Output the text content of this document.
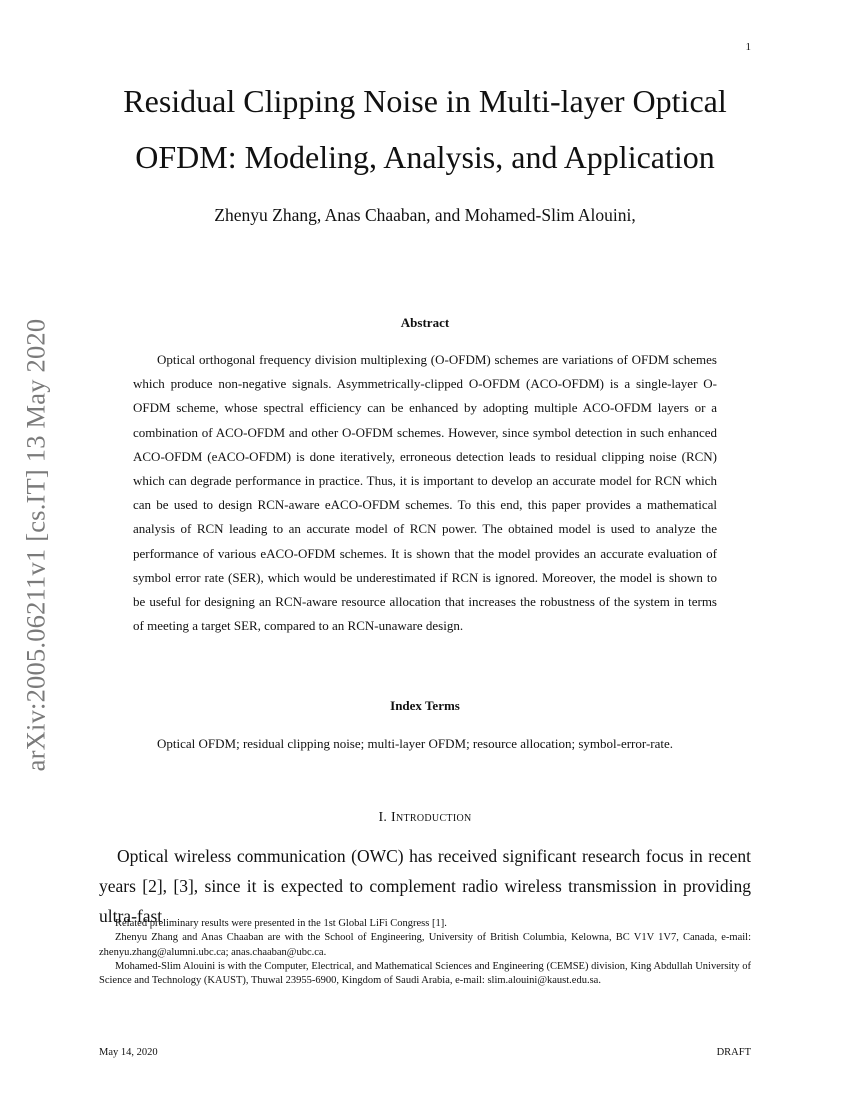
1
arXiv:2005.06211v1 [cs.IT] 13 May 2020
Residual Clipping Noise in Multi-layer Optical
OFDM: Modeling, Analysis, and Application
Zhenyu Zhang, Anas Chaaban, and Mohamed-Slim Alouini,
Abstract

Optical orthogonal frequency division multiplexing (O-OFDM) schemes are variations of OFDM schemes which produce non-negative signals. Asymmetrically-clipped O-OFDM (ACO-OFDM) is a single-layer O-OFDM scheme, whose spectral efficiency can be enhanced by adopting multiple ACO-OFDM layers or a combination of ACO-OFDM and other O-OFDM schemes. However, since symbol detection in such enhanced ACO-OFDM (eACO-OFDM) is done iteratively, erroneous detection leads to residual clipping noise (RCN) which can degrade performance in practice. Thus, it is important to develop an accurate model for RCN which can be used to design RCN-aware eACO-OFDM schemes. To this end, this paper provides a mathematical analysis of RCN leading to an accurate model of RCN power. The obtained model is used to analyze the performance of various eACO-OFDM schemes. It is shown that the model provides an accurate evaluation of symbol error rate (SER), which would be underestimated if RCN is ignored. Moreover, the model is shown to be useful for designing an RCN-aware resource allocation that increases the robustness of the system in terms of meeting a target SER, compared to an RCN-unaware design.

Index Terms

Optical OFDM; residual clipping noise; multi-layer OFDM; resource allocation; symbol-error-rate.

I. Introduction

Optical wireless communication (OWC) has received significant research focus in recent years [2], [3], since it is expected to complement radio wireless transmission in providing ultra-fast

Related preliminary results were presented in the 1st Global LiFi Congress [1].

Zhenyu Zhang and Anas Chaaban are with the School of Engineering, University of British Columbia, Kelowna, BC V1V 1V7, Canada, e-mail: zhenyu.zhang@alumni.ubc.ca; anas.chaaban@ubc.ca.

Mohamed-Slim Alouini is with the Computer, Electrical, and Mathematical Sciences and Engineering (CEMSE) division, King Abdullah University of Science and Technology (KAUST), Thuwal 23955-6900, Kingdom of Saudi Arabia, e-mail: slim.alouini@kaust.edu.sa.

May 14, 2020	DRAFT
